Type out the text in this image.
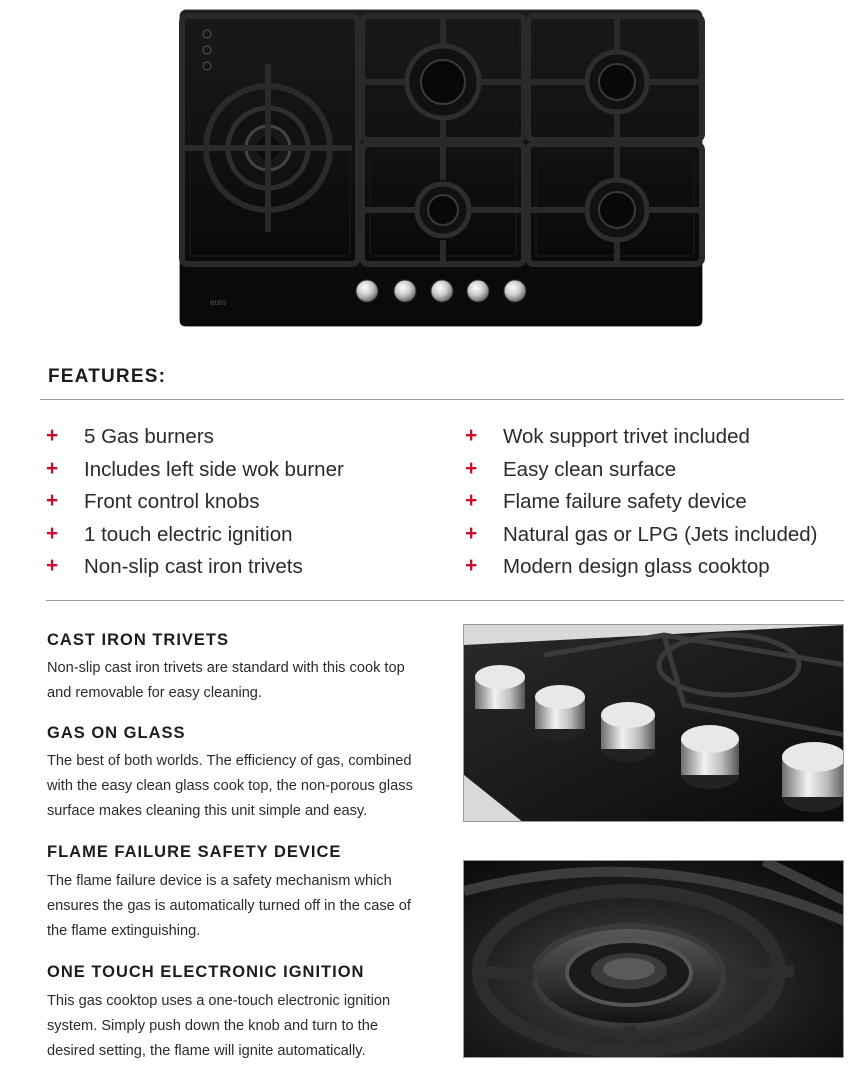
euro
FEATURES:
+ 5 Gas burners
+ Includes left side wok burner
+ Front control knobs
+ 1 touch electric ignition
+ Non-slip cast iron trivets
+ Wok support trivet included
+ Easy clean surface
+ Flame failure safety device
+ Natural gas or LPG (Jets included)
+ Modern design glass cooktop
CAST IRON TRIVETS
Non-slip cast iron trivets are standard with this cook top
and removable for easy cleaning.
GAS ON GLASS
The best of both worlds. The efficiency of gas, combined
with the easy clean glass cook top, the non-porous glass
surface makes cleaning this unit simple and easy.
FLAME FAILURE SAFETY DEVICE
The flame failure device is a safety mechanism which
ensures the gas is automatically turned off in the case of
the flame extinguishing.
ONE TOUCH ELECTRONIC IGNITION
This gas cooktop uses a one-touch electronic ignition
system. Simply push down the knob and turn to the
desired setting, the flame will ignite automatically.
